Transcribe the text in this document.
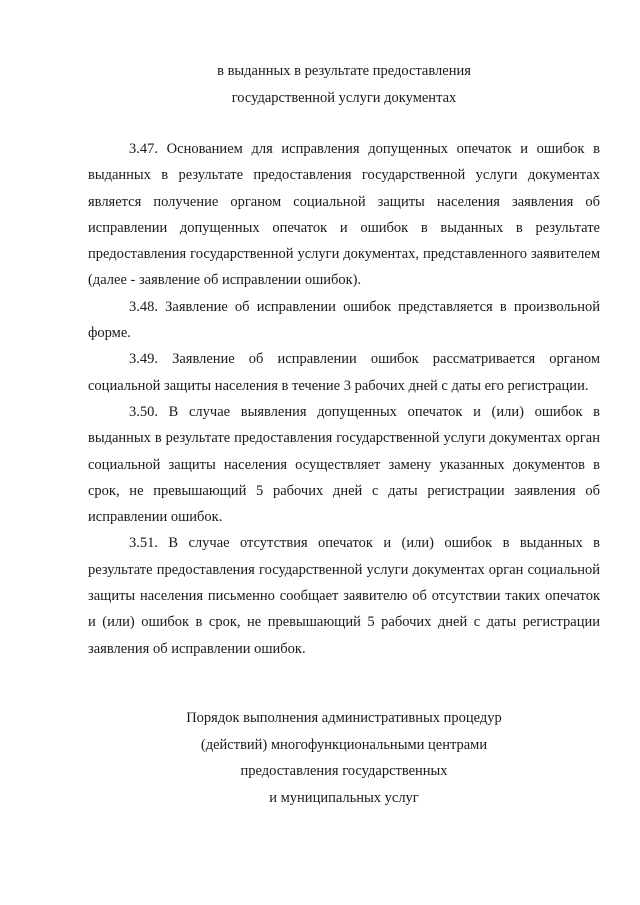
в выданных в результате предоставления
государственной услуги документах

3.47. Основанием для исправления допущенных опечаток и ошибок в выданных в результате предоставления государственной услуги документах является получение органом социальной защиты населения заявления об исправлении допущенных опечаток и ошибок в выданных в результате предоставления государственной услуги документах, представленного заявителем (далее - заявление об исправлении ошибок).

3.48. Заявление об исправлении ошибок представляется в произвольной форме.

3.49. Заявление об исправлении ошибок рассматривается органом социальной защиты населения в течение 3 рабочих дней с даты его регистрации.

3.50. В случае выявления допущенных опечаток и (или) ошибок в выданных в результате предоставления государственной услуги документах орган социальной защиты населения осуществляет замену указанных документов в срок, не превышающий 5 рабочих дней с даты регистрации заявления об исправлении ошибок.

3.51. В случае отсутствия опечаток и (или) ошибок в выданных в результате предоставления государственной услуги документах орган социальной защиты населения письменно сообщает заявителю об отсутствии таких опечаток и (или) ошибок в срок, не превышающий 5 рабочих дней с даты регистрации заявления об исправлении ошибок.

Порядок выполнения административных процедур
(действий) многофункциональными центрами
предоставления государственных
и муниципальных услуг
